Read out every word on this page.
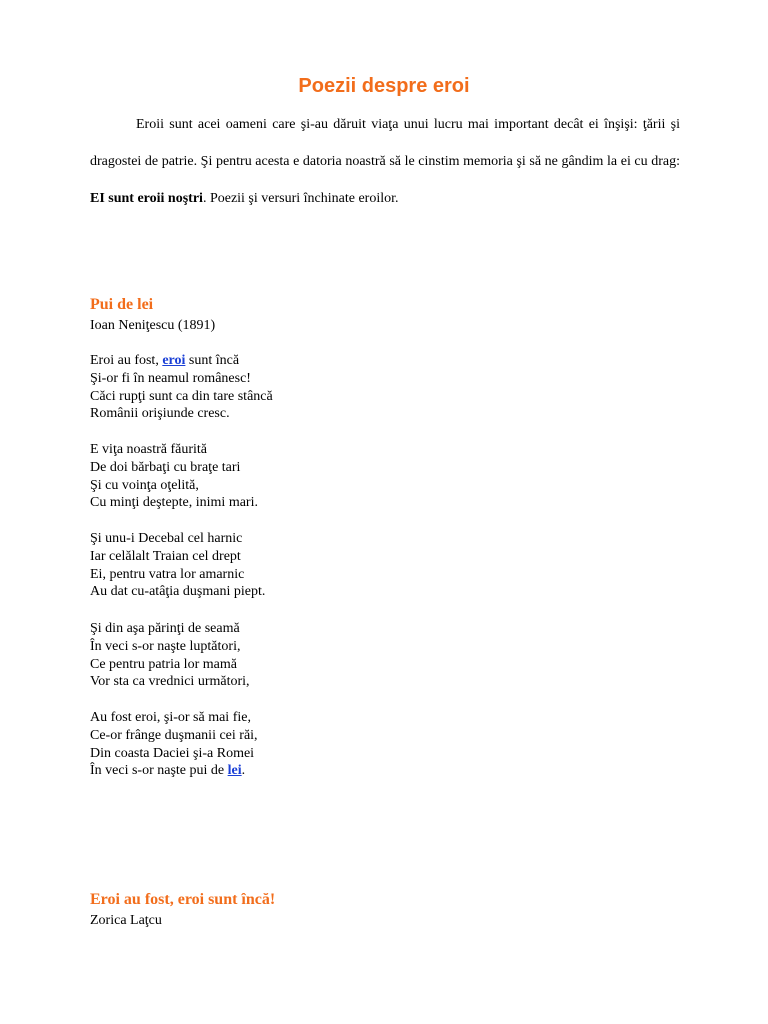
Poezii despre eroi

Eroii sunt acei oameni care şi-au dăruit viaţa unui lucru mai important decât ei înşişi: ţării şi dragostei de patrie. Şi pentru acesta e datoria noastră să le cinstim memoria şi să ne gândim la ei cu drag: EI sunt eroii noştri. Poezii şi versuri închinate eroilor.

Pui de lei

Ioan Neniţescu (1891)

Eroi au fost, eroi sunt încă
Şi-or fi în neamul românesc!
Căci rupţi sunt ca din tare stâncă
Românii orişiunde cresc.
E viţa noastră făurită
De doi bărbaţi cu braţe tari
Şi cu voinţa oţelită,
Cu minţi deştepte, inimi mari.
Şi unu-i Decebal cel harnic
Iar celălalt Traian cel drept
Ei, pentru vatra lor amarnic
Au dat cu-atâţia duşmani piept.
Şi din aşa părinţi de seamă
În veci s-or naşte luptători,
Ce pentru patria lor mamă
Vor sta ca vrednici următori,
Au fost eroi, şi-or să mai fie,
Ce-or frânge duşmanii cei răi,
Din coasta Daciei şi-a Romei
În veci s-or naşte pui de lei.
Eroi au fost, eroi sunt încă!

Zorica Laţcu
